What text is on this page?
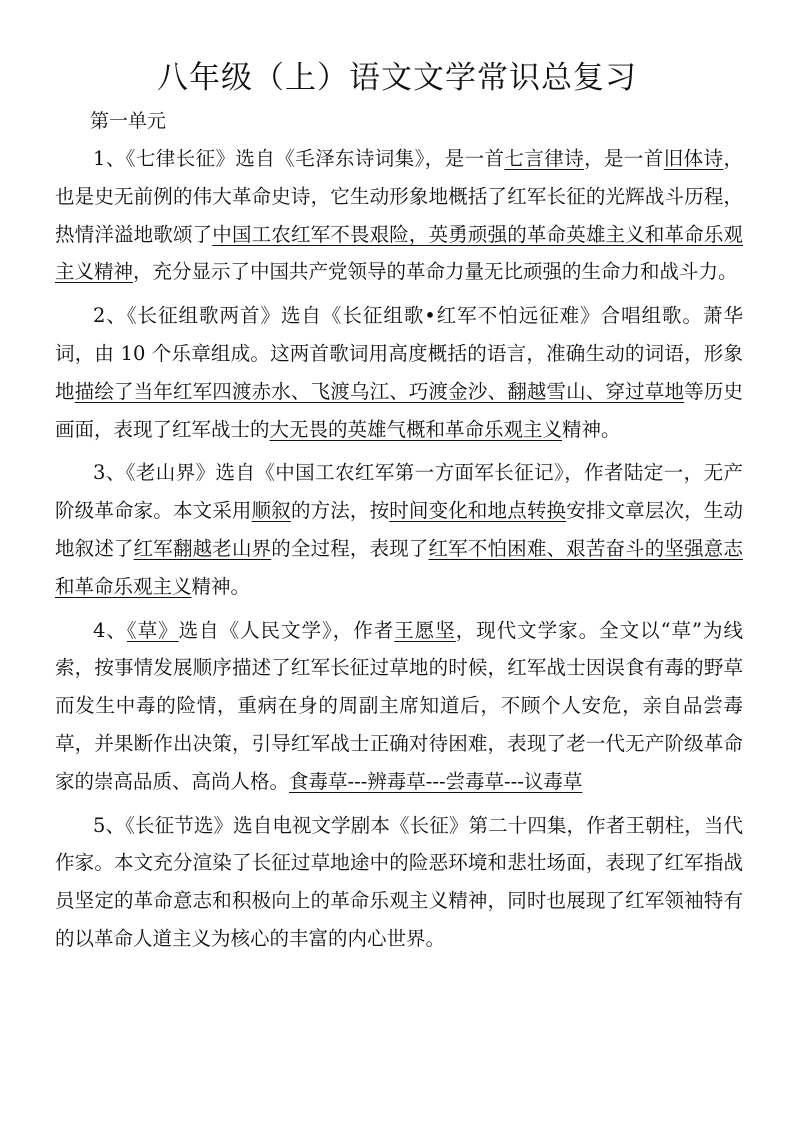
八年级（上）语文文学常识总复习
第一单元

1、《七律长征》选自《毛泽东诗词集》，是一首七言律诗，是一首旧体诗，也是史无前例的伟大革命史诗，它生动形象地概括了红军长征的光辉战斗历程，热情洋溢地歌颂了中国工农红军不畏艰险，英勇顽强的革命英雄主义和革命乐观主义精神，充分显示了中国共产党领导的革命力量无比顽强的生命力和战斗力。

2、《长征组歌两首》选自《长征组歌•红军不怕远征难》合唱组歌。萧华词，由 10 个乐章组成。这两首歌词用高度概括的语言，准确生动的词语，形象地描绘了当年红军四渡赤水、飞渡乌江、巧渡金沙、翻越雪山、穿过草地等历史画面，表现了红军战士的大无畏的英雄气概和革命乐观主义精神。

3、《老山界》选自《中国工农红军第一方面军长征记》，作者陆定一，无产阶级革命家。本文采用顺叙的方法，按时间变化和地点转换安排文章层次，生动地叙述了红军翻越老山界的全过程，表现了红军不怕困难、艰苦奋斗的坚强意志和革命乐观主义精神。

4、《草》选自《人民文学》，作者王愿坚，现代文学家。全文以“草”为线索，按事情发展顺序描述了红军长征过草地的时候，红军战士因误食有毒的野草而发生中毒的险情，重病在身的周副主席知道后，不顾个人安危，亲自品尝毒草，并果断作出决策，引导红军战士正确对待困难，表现了老一代无产阶级革命家的崇高品质、高尚人格。食毒草---辨毒草---尝毒草---议毒草

5、《长征节选》选自电视文学剧本《长征》第二十四集，作者王朝柱，当代作家。本文充分渲染了长征过草地途中的险恶环境和悲壮场面，表现了红军指战员坚定的革命意志和积极向上的革命乐观主义精神，同时也展现了红军领袖特有的以革命人道主义为核心的丰富的内心世界。
